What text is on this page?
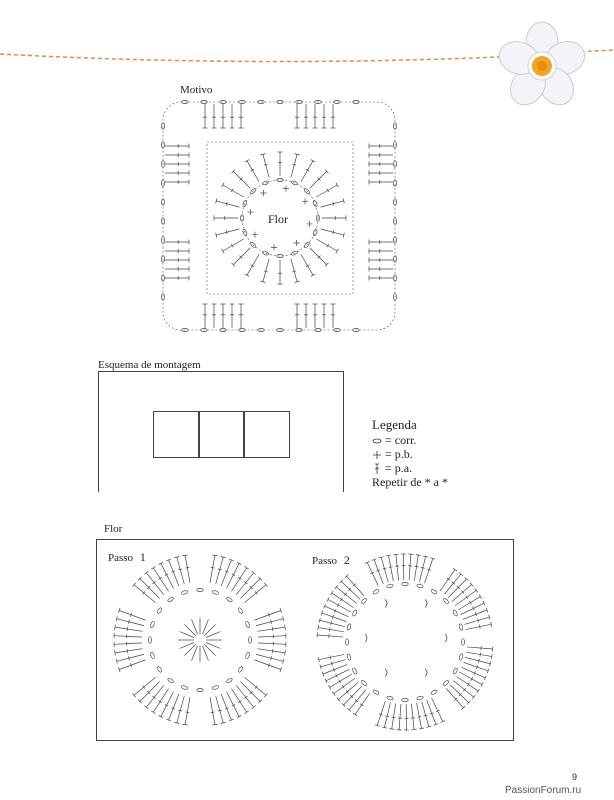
Motivo
Flor
Esquema de montagem
Legenda
= corr.
= p.b.
= p.a.
Repetir de * a *
Flor
Passo 1	Passo 2
9
PassionForum.ru
